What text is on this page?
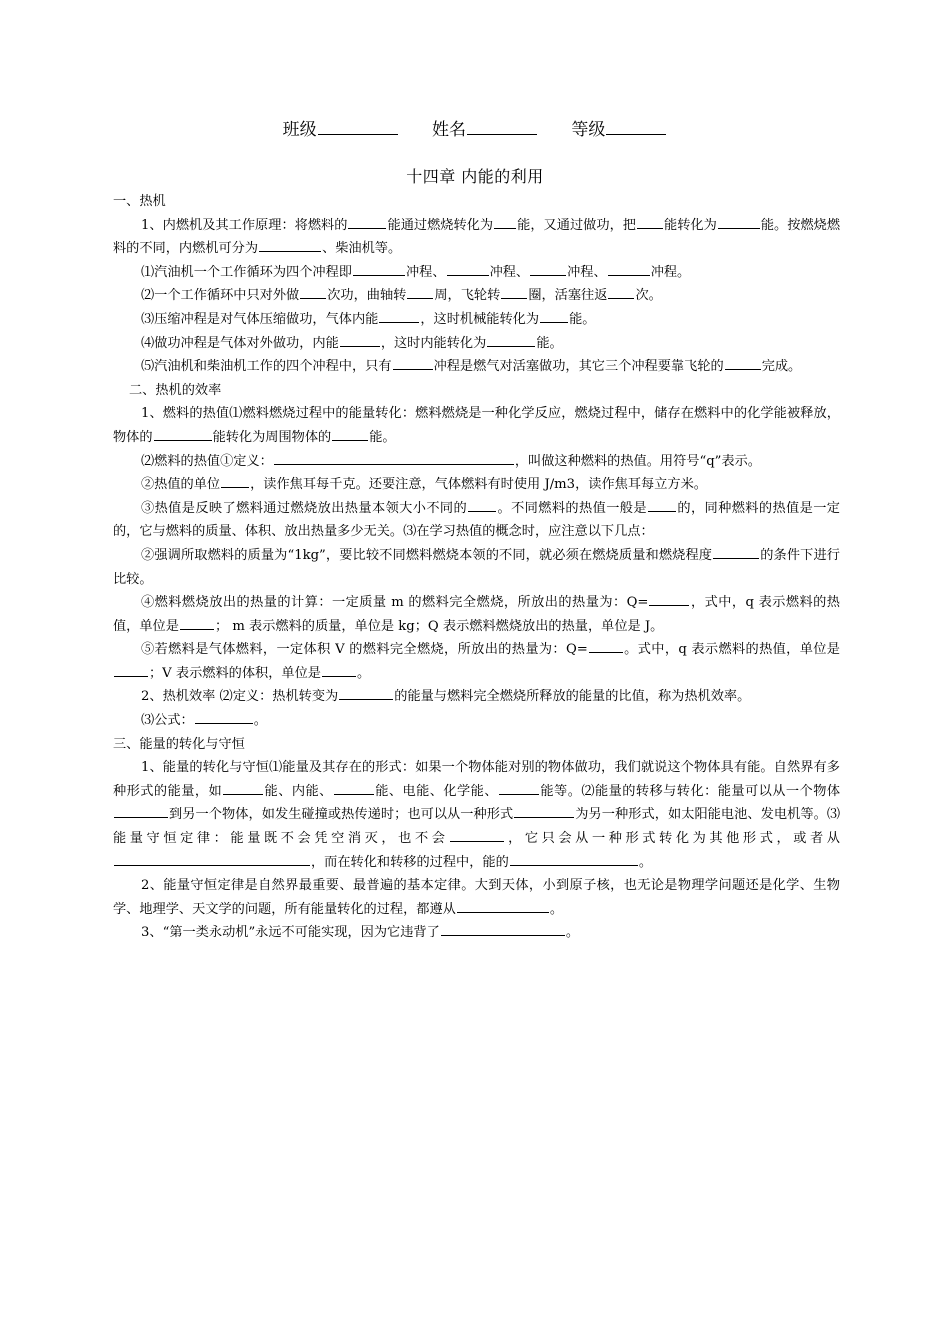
班级	姓名	等级
十四章 内能的利用

一、热机

1、内燃机及其工作原理：将燃料的	能通过燃烧转化为 能，又通过做功，把 能转化为	能。按燃烧燃料的不同，内燃机可分为	、柴油机等。

⑴汽油机一个工作循环为四个冲程即	冲程、	冲程、	冲程、	冲程。

⑵一个工作循环中只对外做 次功，曲轴转 周，飞轮转 圈，活塞往返 次。

⑶压缩冲程是对气体压缩做功，气体内能	，这时机械能转化为 能。

⑷做功冲程是气体对外做功，内能	，这时内能转化为	能。

⑸汽油机和柴油机工作的四个冲程中，只有	冲程是燃气对活塞做功，其它三个冲程要靠飞轮的	完成。

二、热机的效率

1、燃料的热值⑴燃料燃烧过程中的能量转化：燃料燃烧是一种化学反应，燃烧过程中，储存在燃料中的化学能被释放，物体的	能转化为周围物体的	能。

⑵燃料的热值①定义：	，叫做这种燃料的热值。用符号“q”表示。

②热值的单位 ，读作焦耳每千克。还要注意，气体燃料有时使用 J/m3，读作焦耳每立方米。

③热值是反映了燃料通过燃烧放出热量本领大小不同的 。不同燃料的热值一般是 的，同种燃料的热值是一定的，它与燃料的质量、体积、放出热量多少无关。⑶在学习热值的概念时，应注意以下几点：

②强调所取燃料的质量为“1kg”，要比较不同燃料燃烧本领的不同，就必须在燃烧质量和燃烧程度	的条件下进行比较。

④燃料燃烧放出的热量的计算：一定质量 m 的燃料完全燃烧，所放出的热量为：Q=	，式中，q 表示燃料的热值，单位是	； m 表示燃料的质量，单位是 kg；Q 表示燃料燃烧放出的热量，单位是 J。

⑤若燃料是气体燃料，一定体积 V 的燃料完全燃烧，所放出的热量为：Q=	。式中，q 表示燃料的热值，单位是；V 表示燃料的体积，单位是	。

2、热机效率 ⑵定义：热机转变为	的能量与燃料完全燃烧所释放的能量的比值，称为热机效率。

⑶公式：	。

三、能量的转化与守恒

1、能量的转化与守恒⑴能量及其存在的形式：如果一个物体能对别的物体做功，我们就说这个物体具有能。自然界有多种形式的能量，如	能、内能、	能、电能、化学能、	能等。⑵能量的转移与转化：能量可以从一个物体到另一个物体，如发生碰撞或热传递时；也可以从一种形式	为另一种形式，如太阳能电池、发电机等。⑶能量守恒定律：能量既不会凭空消灭，也不会	，它只会从一种形式转化为其他形式，或者从，而在转化和转移的过程中，能的	。

2、能量守恒定律是自然界最重要、最普遍的基本定律。大到天体，小到原子核，也无论是物理学问题还是化学、生物学、地理学、天文学的问题，所有能量转化的过程，都遵从	。

3、“第一类永动机”永远不可能实现，因为它违背了	。
